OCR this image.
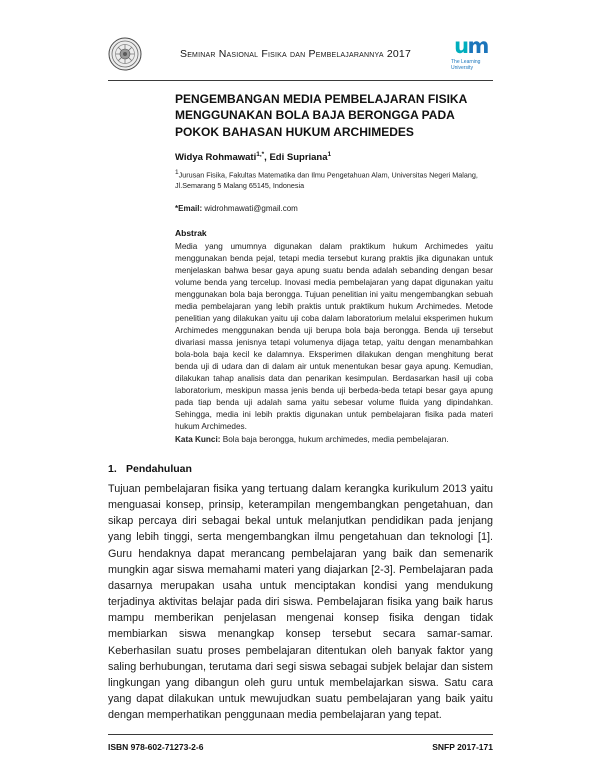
Seminar Nasional Fisika dan Pembelajarannya 2017	um
The Learning University
PENGEMBANGAN MEDIA PEMBELAJARAN FISIKA MENGGUNAKAN BOLA BAJA BERONGGA PADA POKOK BAHASAN HUKUM ARCHIMEDES

Widya Rohmawati$^{1,*}$, Edi Supriana$^1$

$^1$Jurusan Fisika, Fakultas Matematika dan Ilmu Pengetahuan Alam, Universitas Negeri Malang, Jl.Semarang 5 Malang 65145, Indonesia

*Email: widrohmawati@gmail.com

Abstrak

Media yang umumnya digunakan dalam praktikum hukum Archimedes yaitu menggunakan benda pejal, tetapi media tersebut kurang praktis jika digunakan untuk menjelaskan bahwa besar gaya apung suatu benda adalah sebanding dengan besar volume benda yang tercelup. Inovasi media pembelajaran yang dapat digunakan yaitu menggunakan bola baja berongga. Tujuan penelitian ini yaitu mengembangkan sebuah media pembelajaran yang lebih praktis untuk praktikum hukum Archimedes. Metode penelitian yang dilakukan yaitu uji coba dalam laboratorium melalui eksperimen hukum Archimedes menggunakan benda uji berupa bola baja berongga. Benda uji tersebut divariasi massa jenisnya tetapi volumenya dijaga tetap, yaitu dengan menambahkan bola-bola baja kecil ke dalamnya. Eksperimen dilakukan dengan menghitung berat benda uji di udara dan di dalam air untuk menentukan besar gaya apung. Kemudian, dilakukan tahap analisis data dan penarikan kesimpulan. Berdasarkan hasil uji coba laboratorium, meskipun massa jenis benda uji berbeda-beda tetapi besar gaya apung pada tiap benda uji adalah sama yaitu sebesar volume fluida yang dipindahkan. Sehingga, media ini lebih praktis digunakan untuk pembelajaran fisika pada materi hukum Archimedes.

Kata Kunci: Bola baja berongga, hukum archimedes, media pembelajaran.

1. Pendahuluan

Tujuan pembelajaran fisika yang tertuang dalam kerangka kurikulum 2013 yaitu menguasai konsep, prinsip, keterampilan mengembangkan pengetahuan, dan sikap percaya diri sebagai bekal untuk melanjutkan pendidikan pada jenjang yang lebih tinggi, serta mengembangkan ilmu pengetahuan dan teknologi [1]. Guru hendaknya dapat merancang pembelajaran yang baik dan semenarik mungkin agar siswa memahami materi yang diajarkan [2-3]. Pembelajaran pada dasarnya merupakan usaha untuk menciptakan kondisi yang mendukung terjadinya aktivitas belajar pada diri siswa. Pembelajaran fisika yang baik harus mampu memberikan penjelasan mengenai konsep fisika dengan tidak membiarkan siswa menangkap konsep tersebut secara samar-samar. Keberhasilan suatu proses pembelajaran ditentukan oleh banyak faktor yang saling berhubungan, terutama dari segi siswa sebagai subjek belajar dan sistem lingkungan yang dibangun oleh guru untuk membelajarkan siswa. Satu cara yang dapat dilakukan untuk mewujudkan suatu pembelajaran yang baik yaitu dengan memperhatikan penggunaan media pembelajaran yang tepat.

ISBN 978-602-71273-2-6	SNFP 2017-171
